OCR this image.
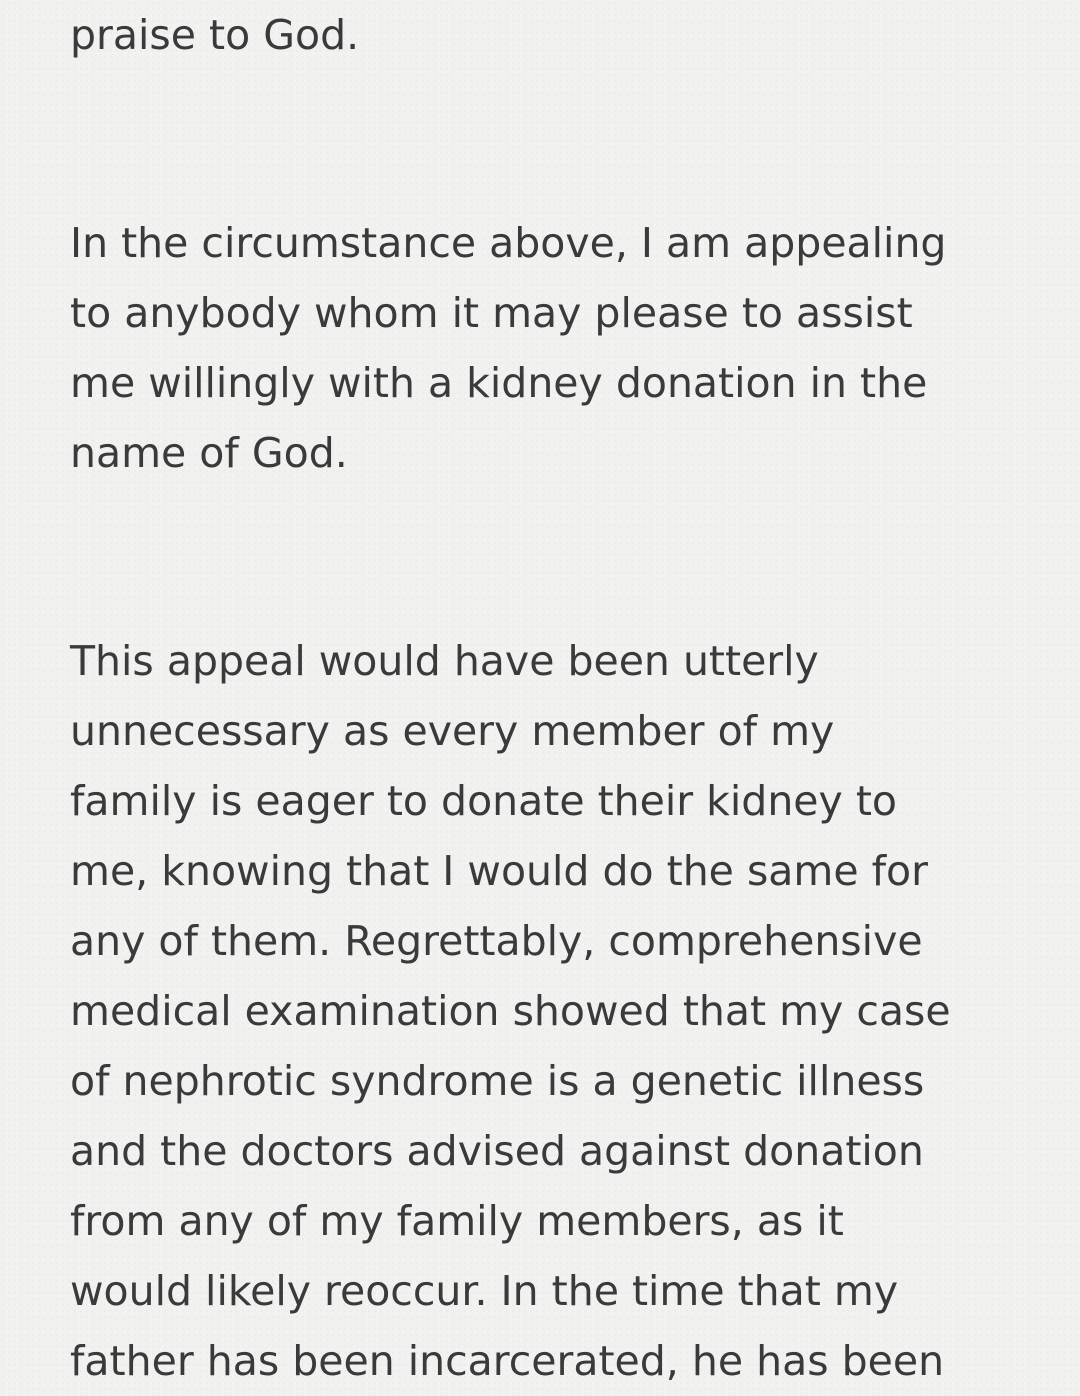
praise to God.
In the circumstance above, I am appealing
to anybody whom it may please to assist
me willingly with a kidney donation in the
name of God.
This appeal would have been utterly
unnecessary as every member of my
family is eager to donate their kidney to
me, knowing that I would do the same for
any of them. Regrettably, comprehensive
medical examination showed that my case
of nephrotic syndrome is a genetic illness
and the doctors advised against donation
from any of my family members, as it
would likely reoccur. In the time that my
father has been incarcerated, he has been
